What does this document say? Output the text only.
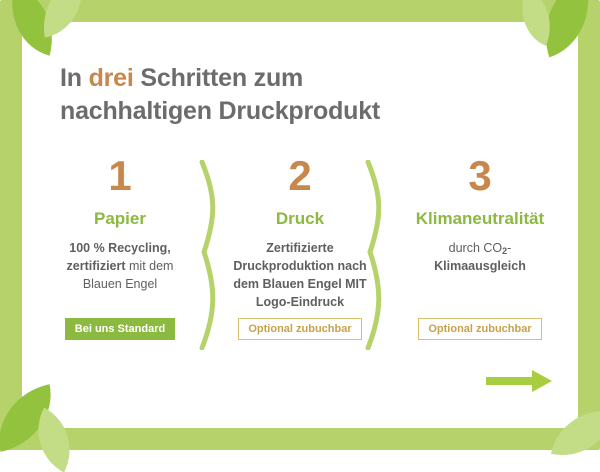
In drei Schritten zum
nachhaltigen Druckprodukt
1
Papier
100 % Recycling, zertifiziert mit dem Blauen Engel
2
Druck
Zertifizierte Druckproduktion nach dem Blauen Engel MIT Logo-Eindruck
3
Klimaneutralität
durch $CO_2-$
Klimaausgleich
Bei uns Standard	Optional zubuchbar	Optional zubuchbar
